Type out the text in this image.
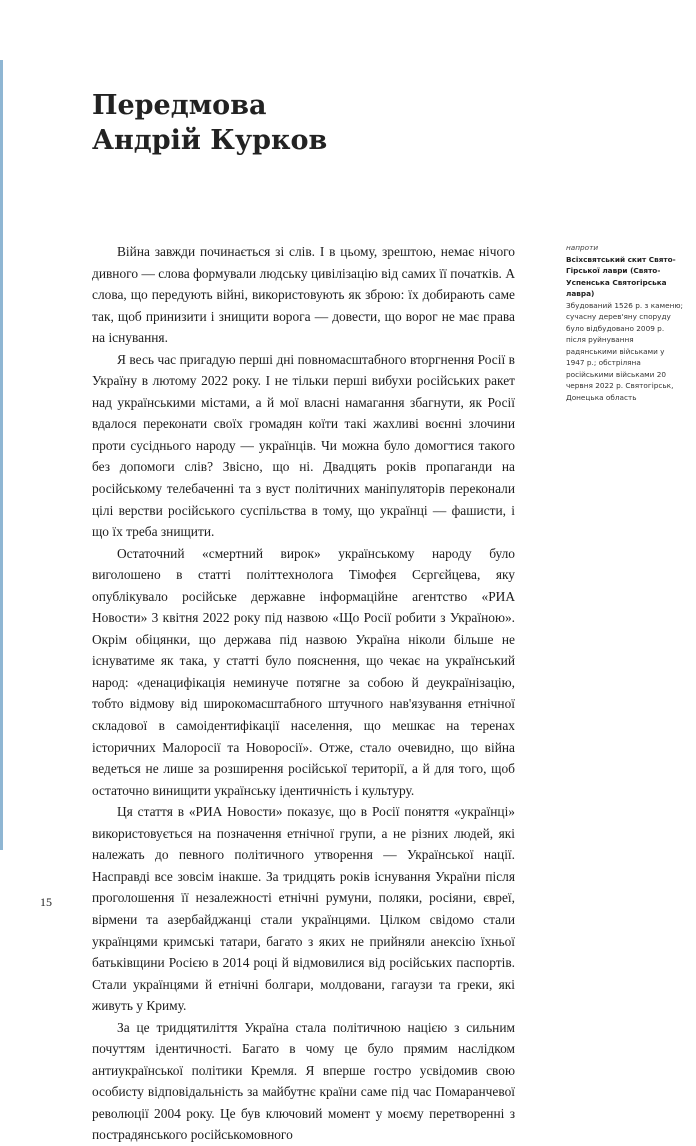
Передмова
Андрій Курков

Війна завжди починається зі слів. І в цьому, зрештою, немає нічого дивного — слова формували людську цивілізацію від самих її початків. А слова, що передують війні, використовують як зброю: їх добирають саме так, щоб принизити і знищити ворога — довести, що ворог не має права на існування.

Я весь час пригадую перші дні повномасштабного вторгнення Росії в Україну в лютому 2022 року. І не тільки перші вибухи російських ракет над українськими містами, а й мої власні намагання збагнути, як Росії вдалося переконати своїх громадян коїти такі жахливі воєнні злочини проти сусіднього народу — українців. Чи можна було домогтися такого без допомоги слів? Звісно, що ні. Двадцять років пропаганди на російському телебаченні та з вуст політичних маніпуляторів переконали цілі верстви російського суспільства в тому, що українці — фашисти, і що їх треба знищити.

Остаточний «смертний вирок» українському народу було виголошено в статті політтехнолога Тімофєя Сєргєйцева, яку опублікувало російське державне інформаційне агентство «РИА Новости» 3 квітня 2022 року під назвою «Що Росії робити з Україною». Окрім обіцянки, що держава під назвою Україна ніколи більше не існуватиме як така, у статті було пояснення, що чекає на український народ: «денацифікація неминуче потягне за собою й деукраїнізацію, тобто відмову від широкомасштабного штучного нав'язування етнічної складової в самоідентифікації населення, що мешкає на теренах історичних Малоросії та Новоросії». Отже, стало очевидно, що війна ведеться не лише за розширення російської території, а й для того, щоб остаточно винищити українську ідентичність і культуру.

Ця стаття в «РИА Новости» показує, що в Росії поняття «українці» використовується на позначення етнічної групи, а не різних людей, які належать до певного політичного утворення — Української нації. Насправді все зовсім інакше. За тридцять років існування України після проголошення її незалежності етнічні румуни, поляки, росіяни, євреї, вірмени та азербайджанці стали українцями. Цілком свідомо стали українцями кримські татари, багато з яких не прийняли анексію їхньої батьківщини Росією в 2014 році й відмовилися від російських паспортів. Стали українцями й етнічні болгари, молдовани, гагаузи та греки, які живуть у Криму.

За це тридцятиліття Україна стала політичною нацією з сильним почуттям ідентичності. Багато в чому це було прямим наслідком антиукраїнської політики Кремля. Я вперше гостро усвідомив свою особисту відповідальність за майбутнє країни саме під час Помаранчевої революції 2004 року. Це був ключовий момент у моєму перетворенні з пострадянського російськомовного

напроти
Всіхсвятський скит Свято-Гірської лаври (Свято-Успенська Святогірська лавра)
Збудований 1526 р. з каменю; сучасну дерев'яну споруду було відбудовано 2009 р. після руйнування радянськими військами у 1947 р.; обстріляна російськими військами 20 червня 2022 р. Святогірськ, Донецька область
15
